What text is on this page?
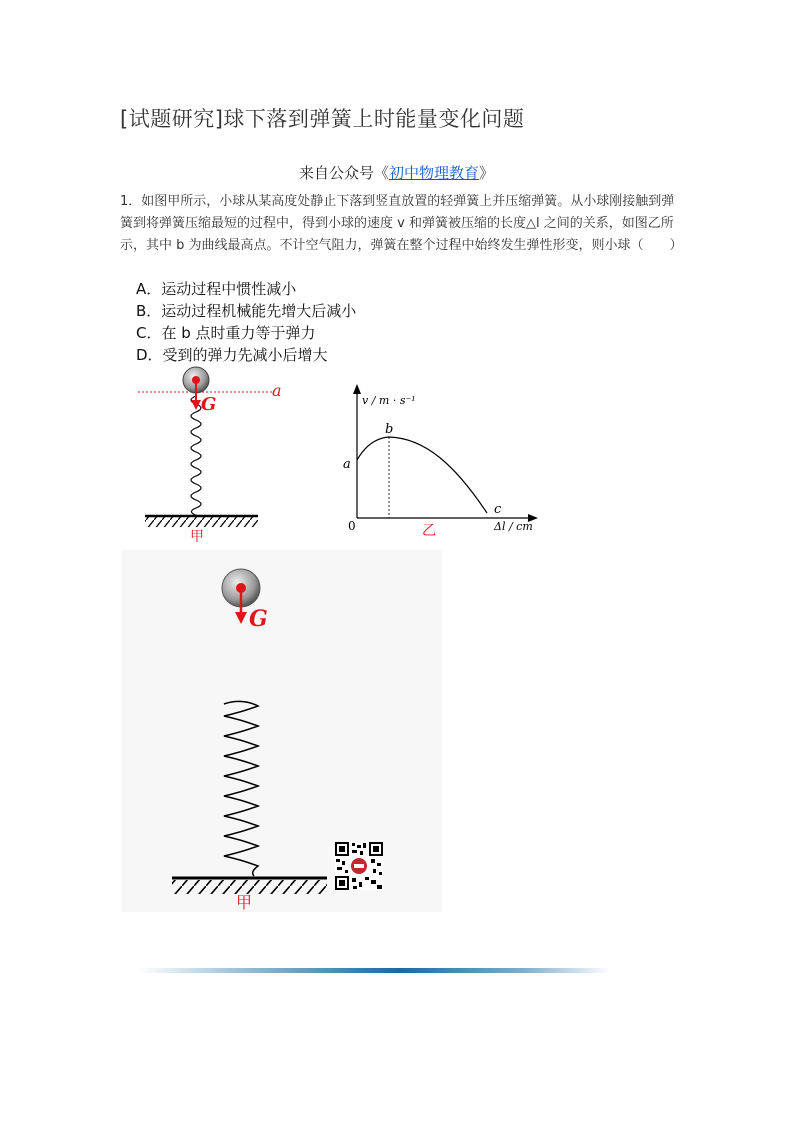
[试题研究]球下落到弹簧上时能量变化问题
来自公众号《初中物理教育》
1．如图甲所示，小球从某高度处静止下落到竖直放置的轻弹簧上并压缩弹簧。从小球刚接触到弹簧到将弹簧压缩最短的过程中，得到小球的速度 v 和弹簧被压缩的长度△l 之间的关系，如图乙所示，其中 b 为曲线最高点。不计空气阻力，弹簧在整个过程中始终发生弹性形变，则小球（　　）
A．运动过程中惯性减小
B．运动过程机械能先增大后减小
C．在 b 点时重力等于弹力
D．受到的弹力先减小后增大
a
G
甲
v / m · s⁻¹
Δl / cm
0
a
b
c
乙
G
甲
